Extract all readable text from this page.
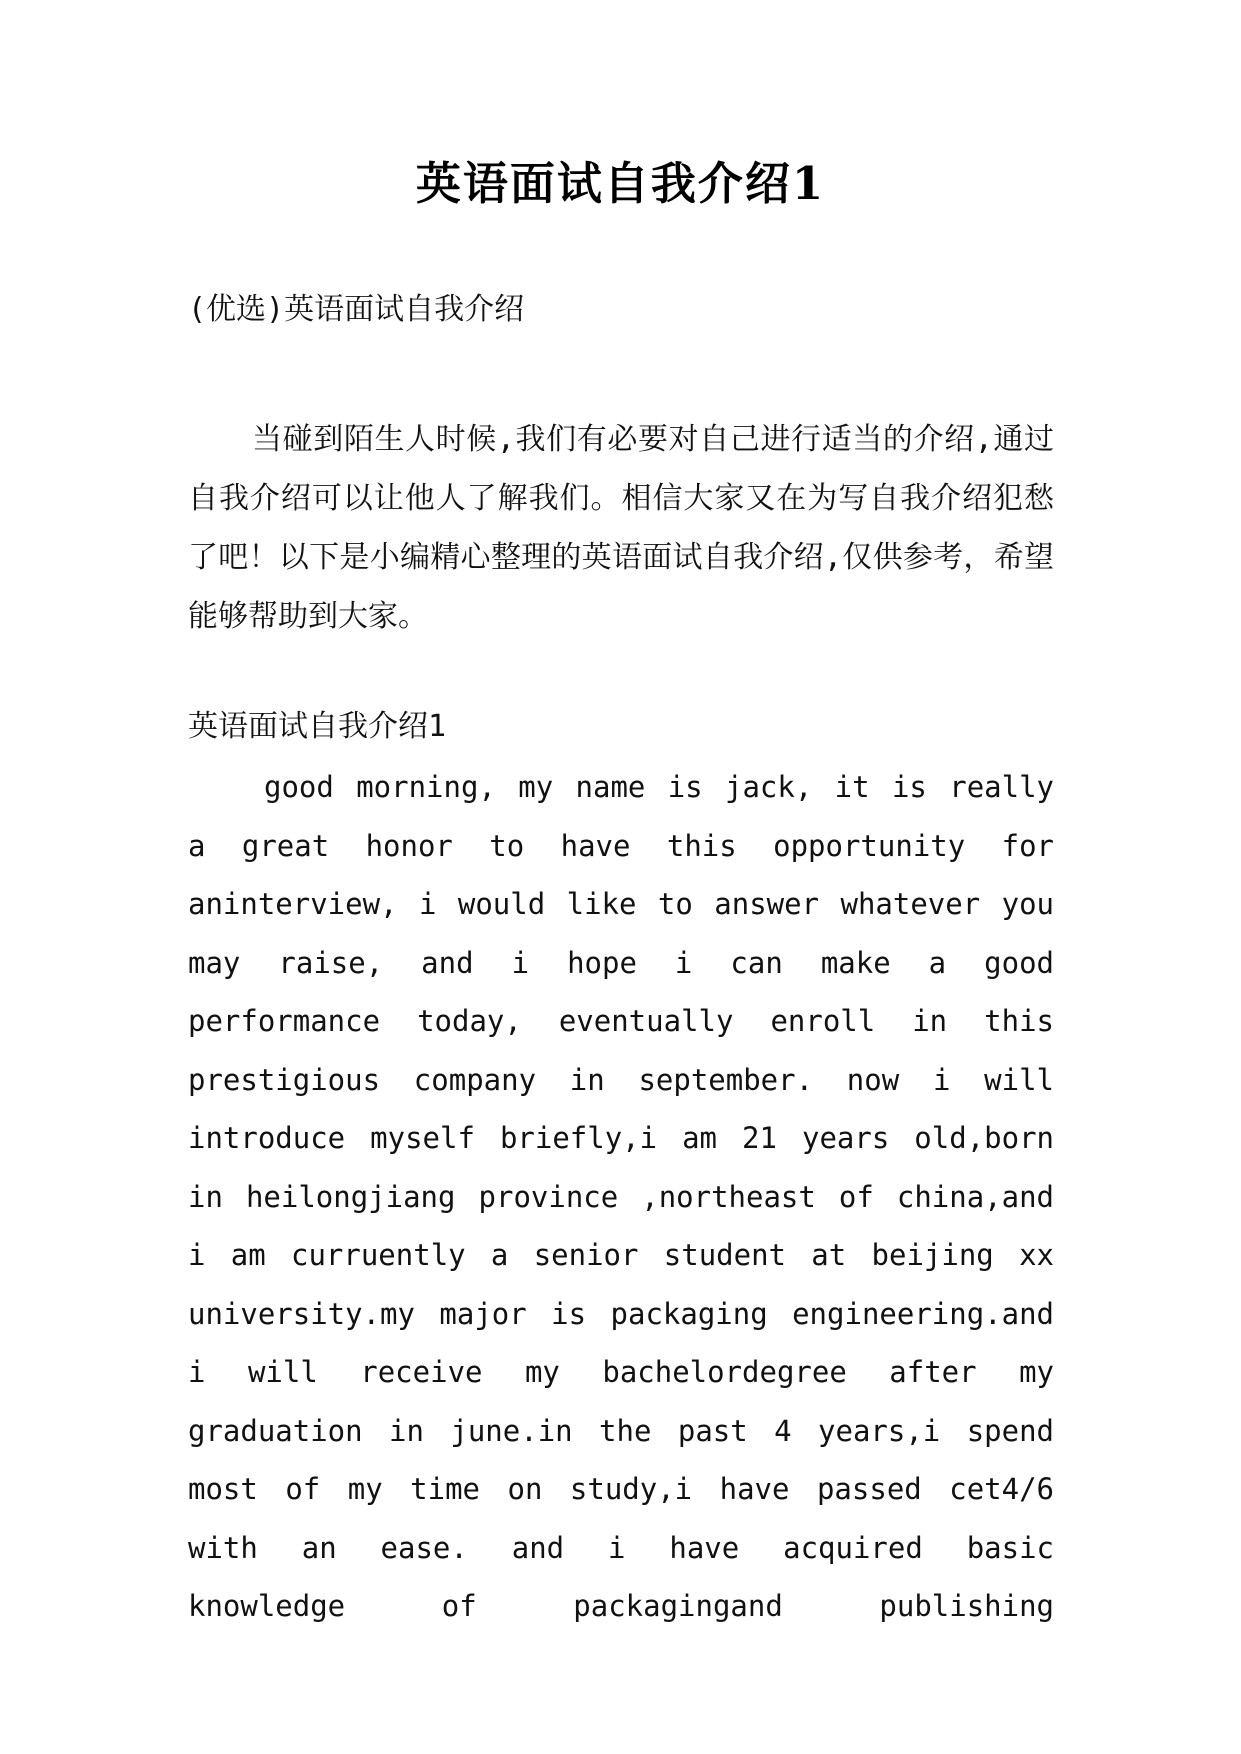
英语面试自我介绍1
(优选)英语面试自我介绍
当碰到陌生人时候,我们有必要对自己进行适当的介绍,通过自我介绍可以让他人了解我们。相信大家又在为写自我介绍犯愁了吧！以下是小编精心整理的英语面试自我介绍,仅供参考，希望能够帮助到大家。
英语面试自我介绍1
good morning, my name is jack, it is really a great honor to have this opportunity for aninterview, i would like to answer whatever you may raise, and i hope i can make a good performance today, eventually enroll in this prestigious company in september. now i will introduce myself briefly,i am 21 years old,born in heilongjiang province ,northeast of china,and i am curruently a senior student at beijing xx university.my major is packaging engineering.and i will receive my bachelordegree after my graduation in june.in the past 4 years,i spend most of my time on study,i have passed cet4/6 with an ease. and i have acquired basic knowledge of packagingand publishing
